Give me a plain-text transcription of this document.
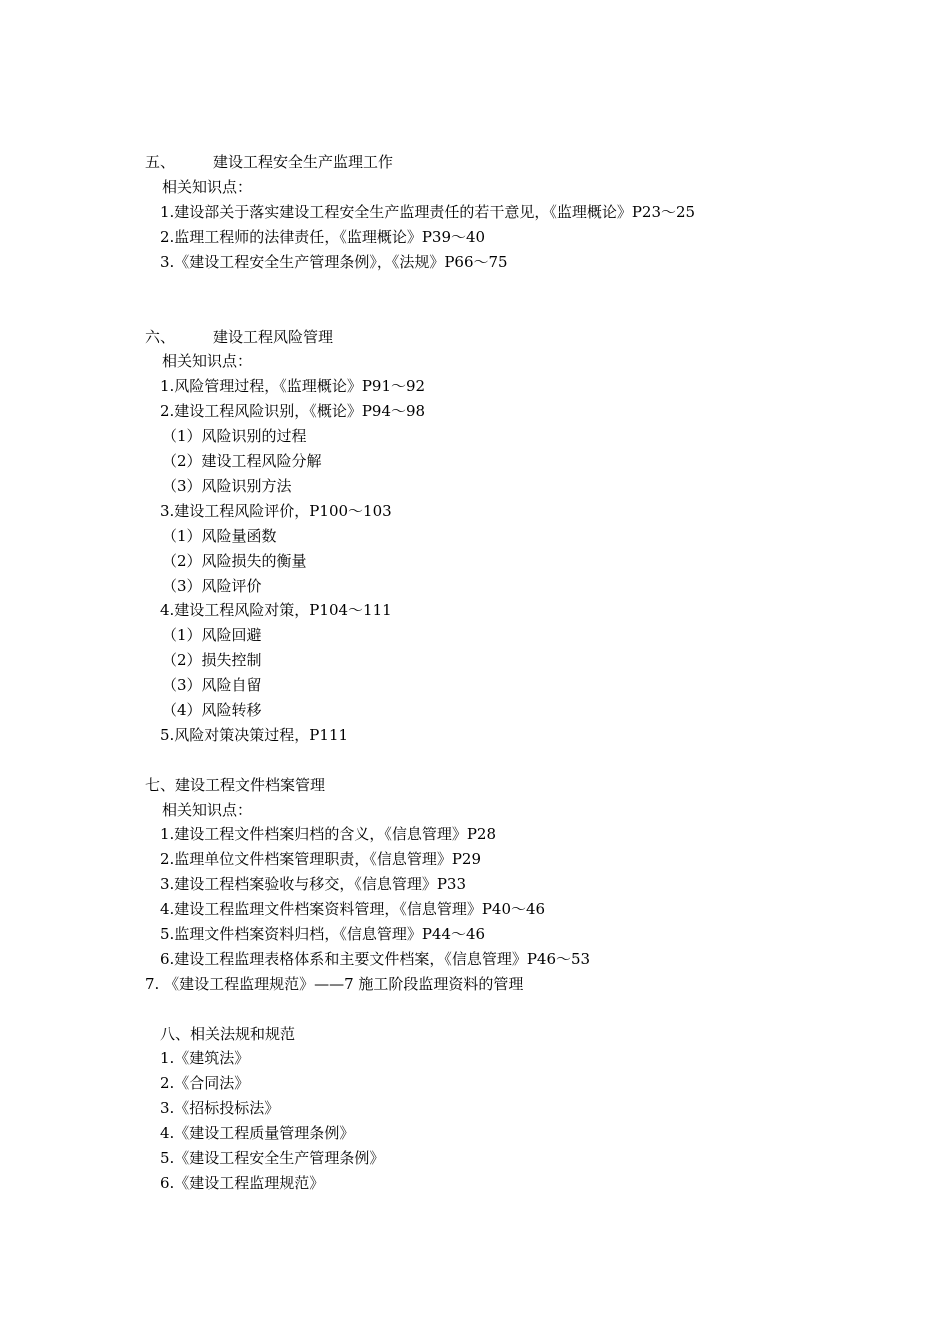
五、	建设工程安全生产监理工作
相关知识点：
1.建设部关于落实建设工程安全生产监理责任的若干意见，《监理概论》P23～25
2.监理工程师的法律责任，《监理概论》P39～40
3.《建设工程安全生产管理条例》，《法规》P66～75
六、	建设工程风险管理
相关知识点：
1.风险管理过程，《监理概论》P91～92
2.建设工程风险识别，《概论》P94～98
（1）风险识别的过程
（2）建设工程风险分解
（3）风险识别方法
3.建设工程风险评价，P100～103
（1）风险量函数
（2）风险损失的衡量
（3）风险评价
4.建设工程风险对策，P104～111
（1）风险回避
（2）损失控制
（3）风险自留
（4）风险转移
5.风险对策决策过程，P111
七、建设工程文件档案管理
相关知识点：
1.建设工程文件档案归档的含义，《信息管理》P28
2.监理单位文件档案管理职责，《信息管理》P29
3.建设工程档案验收与移交，《信息管理》P33
4.建设工程监理文件档案资料管理，《信息管理》P40～46
5.监理文件档案资料归档，《信息管理》P44～46
6.建设工程监理表格体系和主要文件档案，《信息管理》P46～53
7. 《建设工程监理规范》——7 施工阶段监理资料的管理
八、相关法规和规范
1.《建筑法》
2.《合同法》
3.《招标投标法》
4.《建设工程质量管理条例》
5.《建设工程安全生产管理条例》
6.《建设工程监理规范》
